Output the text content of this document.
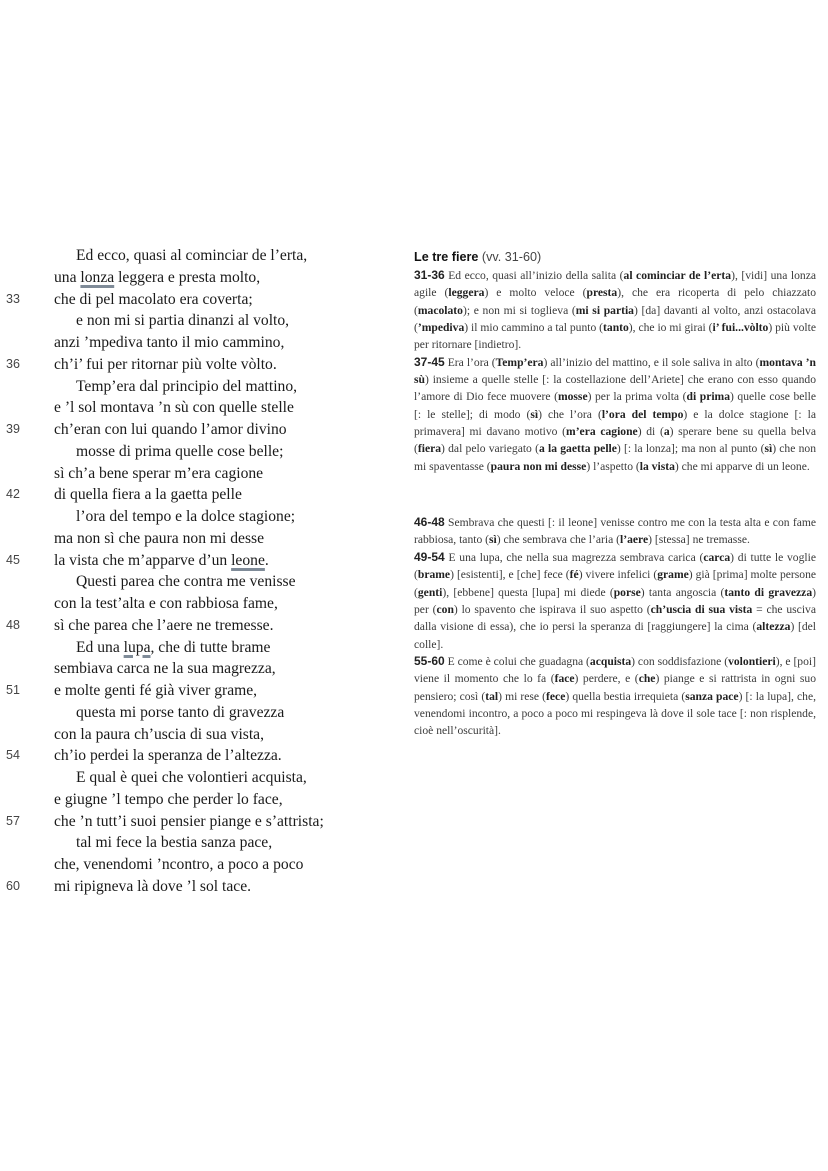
Ed ecco, quasi al cominciar de l’erta,
una lonza leggera e presta molto,
33	che di pel macolato era coverta;
e non mi si partia dinanzi al volto,
anzi ’mpediva tanto il mio cammino,
36	ch’i’ fui per ritornar più volte vòlto.
Temp’era dal principio del mattino,
e ’l sol montava ’n sù con quelle stelle
39	ch’eran con lui quando l’amor divino
mosse di prima quelle cose belle;
sì ch’a bene sperar m’era cagione
42	di quella fiera a la gaetta pelle
l’ora del tempo e la dolce stagione;
ma non sì che paura non mi desse
45	la vista che m’apparve d’un leone.
Questi parea che contra me venisse
con la test’alta e con rabbiosa fame,
48	sì che parea che l’aere ne tremesse.
Ed una lupa, che di tutte brame
sembiava carca ne la sua magrezza,
51	e molte genti fé già viver grame,
questa mi porse tanto di gravezza
con la paura ch’uscia di sua vista,
54	ch’io perdei la speranza de l’altezza.
E qual è quei che volontieri acquista,
e giugne ’l tempo che perder lo face,
57	che ’n tutt’i suoi pensier piange e s’attrista;
tal mi fece la bestia sanza pace,
che, venendomi ’ncontro, a poco a poco
60	mi ripigneva là dove ’l sol tace.
Le tre fiere (vv. 31-60)

31-36 Ed ecco, quasi all’inizio della salita (al cominciar de l’erta), [vidi] una lonza agile (leggera) e molto veloce (presta), che era ricoperta di pelo chiazzato (macolato); e non mi si toglieva (mi si partia) [da] davanti al volto, anzi ostacolava (’mpediva) il mio cammino a tal punto (tanto), che io mi girai (i’ fui...vòlto) più volte per ritornare [indietro].

37-45 Era l’ora (Temp’era) all’inizio del mattino, e il sole saliva in alto (montava ’n sù) insieme a quelle stelle [: la costellazione dell’Ariete] che erano con esso quando l’amore di Dio fece muovere (mosse) per la prima volta (di prima) quelle cose belle [: le stelle]; di modo (sì) che l’ora (l’ora del tempo) e la dolce stagione [: la primavera] mi davano motivo (m’era cagione) di (a) sperare bene su quella belva (fiera) dal pelo variegato (a la gaetta pelle) [: la lonza]; ma non al punto (sì) che non mi spaventasse (paura non mi desse) l’aspetto (la vista) che mi apparve di un leone.

46-48 Sembrava che questi [: il leone] venisse contro me con la testa alta e con fame rabbiosa, tanto (sì) che sembrava che l’aria (l’aere) [stessa] ne tremasse.

49-54 E una lupa, che nella sua magrezza sembrava carica (carca) di tutte le voglie (brame) [esistenti], e [che] fece (fé) vivere infelici (grame) già [prima] molte persone (genti), [ebbene] questa [lupa] mi diede (porse) tanta angoscia (tanto di gravezza) per (con) lo spavento che ispirava il suo aspetto (ch’uscia di sua vista = che usciva dalla visione di essa), che io persi la speranza di [raggiungere] la cima (altezza) [del colle].

55-60 E come è colui che guadagna (acquista) con soddisfazione (volontieri), e [poi] viene il momento che lo fa (face) perdere, e (che) piange e si rattrista in ogni suo pensiero; così (tal) mi rese (fece) quella bestia irrequieta (sanza pace) [: la lupa], che, venendomi incontro, a poco a poco mi respingeva là dove il sole tace [: non risplende, cioè nell’oscurità].
